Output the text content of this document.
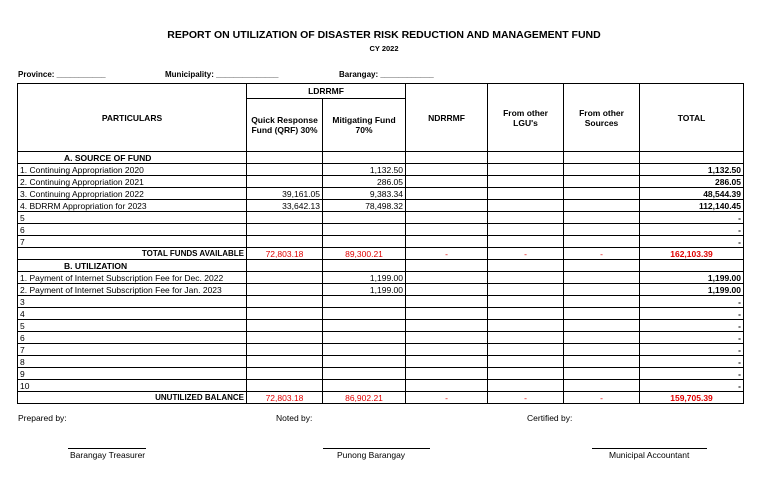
REPORT ON UTILIZATION OF DISASTER RISK REDUCTION AND MANAGEMENT FUND
CY 2022
Province: ___________	Municipality: ______________	Barangay: ____________
PARTICULARS	LDRRMF		NDRRMF	From other LGU's	From other Sources	TOTAL
	Quick Response Fund (QRF) 30%	Mitigating Fund 70%				
A. SOURCE OF FUND						
1. Continuing Appropriation 2020		1,132.50				1,132.50
2. Continuing Appropriation 2021		286.05				286.05
3. Continuing Appropriation 2022	39,161.05	9,383.34				48,544.39
4. BDRRM Appropriation for 2023	33,642.13	78,498.32				112,140.45
5						-
6						-
7						-
TOTAL FUNDS AVAILABLE	72,803.18	89,300.21	-	-	-	162,103.39
B. UTILIZATION						
1. Payment of Internet Subscription Fee for Dec. 2022		1,199.00				1,199.00
2. Payment of Internet Subscription Fee for Jan. 2023		1,199.00				1,199.00
3						-
4						-
5						-
6						-
7						-
8						-
9						-
10						-
UNUTILIZED BALANCE	72,803.18	86,902.21	-	-	-	159,705.39
Prepared by:	Noted by:	Certified by:
Barangay Treasurer	Punong Barangay	Municipal Accountant
